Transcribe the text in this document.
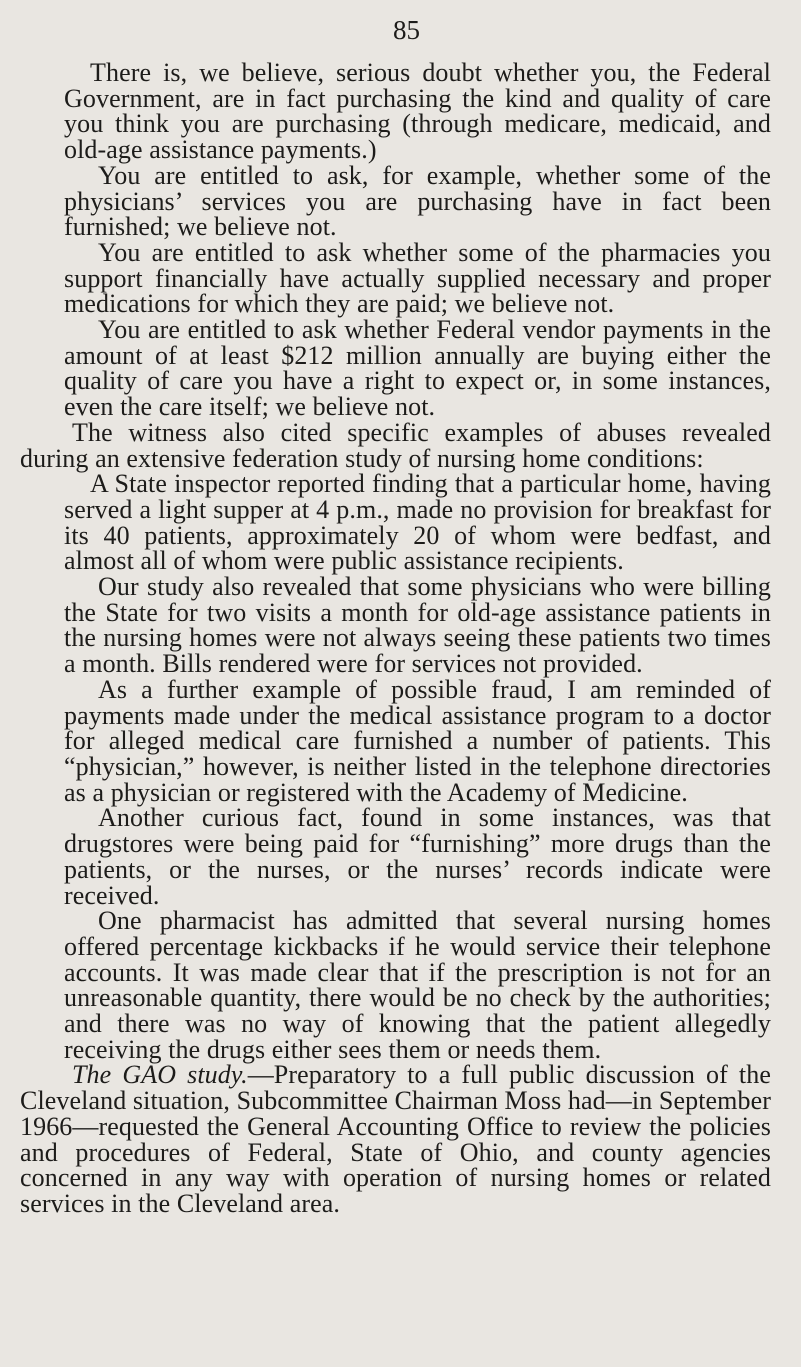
85

There is, we believe, serious doubt whether you, the Federal Government, are in fact purchasing the kind and quality of care you think you are purchasing (through medicare, medicaid, and old-age assistance payments.)

You are entitled to ask, for example, whether some of the physicians’ services you are purchasing have in fact been furnished; we believe not.

You are entitled to ask whether some of the pharmacies you support financially have actually supplied necessary and proper medications for which they are paid; we believe not.

You are entitled to ask whether Federal vendor payments in the amount of at least $212 million annually are buying either the quality of care you have a right to expect or, in some instances, even the care itself; we believe not.

The witness also cited specific examples of abuses revealed during an extensive federation study of nursing home conditions:

A State inspector reported finding that a particular home, having served a light supper at 4 p.m., made no provision for breakfast for its 40 patients, approximately 20 of whom were bedfast, and almost all of whom were public assistance recipients.

Our study also revealed that some physicians who were billing the State for two visits a month for old-age assistance patients in the nursing homes were not always seeing these patients two times a month. Bills rendered were for services not provided.

As a further example of possible fraud, I am reminded of payments made under the medical assistance program to a doctor for alleged medical care furnished a number of patients. This “physician,” however, is neither listed in the telephone directories as a physician or registered with the Academy of Medicine.

Another curious fact, found in some instances, was that drugstores were being paid for “furnishing” more drugs than the patients, or the nurses, or the nurses’ records indicate were received.

One pharmacist has admitted that several nursing homes offered percentage kickbacks if he would service their telephone accounts. It was made clear that if the prescription is not for an unreasonable quantity, there would be no check by the authorities; and there was no way of knowing that the patient allegedly receiving the drugs either sees them or needs them.

The GAO study.—Preparatory to a full public discussion of the Cleveland situation, Subcommittee Chairman Moss had—in September 1966—requested the General Accounting Office to review the policies and procedures of Federal, State of Ohio, and county agencies concerned in any way with operation of nursing homes or related services in the Cleveland area.
